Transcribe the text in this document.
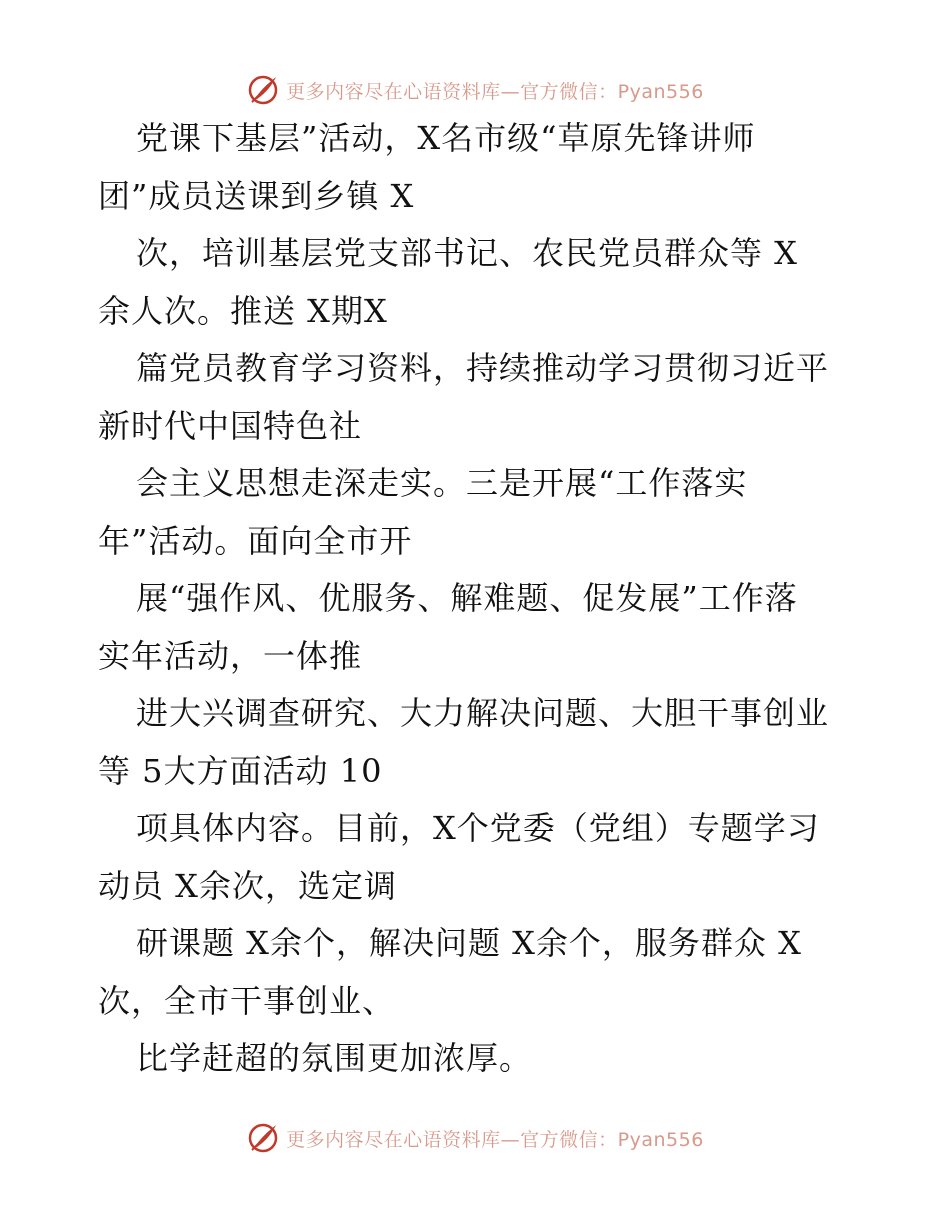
更多内容尽在心语资料库—官方微信：Pyan556
党课下基层”活动，X名市级“草原先锋讲师
团”成员送课到乡镇 X
次，培训基层党支部书记、农民党员群众等 X
余人次。推送 X期X
篇党员教育学习资料，持续推动学习贯彻习近平
新时代中国特色社
会主义思想走深走实。三是开展“工作落实
年”活动。面向全市开
展“强作风、优服务、解难题、促发展”工作落
实年活动，一体推
进大兴调查研究、大力解决问题、大胆干事创业
等 5大方面活动 10
项具体内容。目前，X个党委（党组）专题学习
动员 X余次，选定调
研课题 X余个，解决问题 X余个，服务群众 X
次，全市干事创业、
比学赶超的氛围更加浓厚。
更多内容尽在心语资料库—官方微信：Pyan556
